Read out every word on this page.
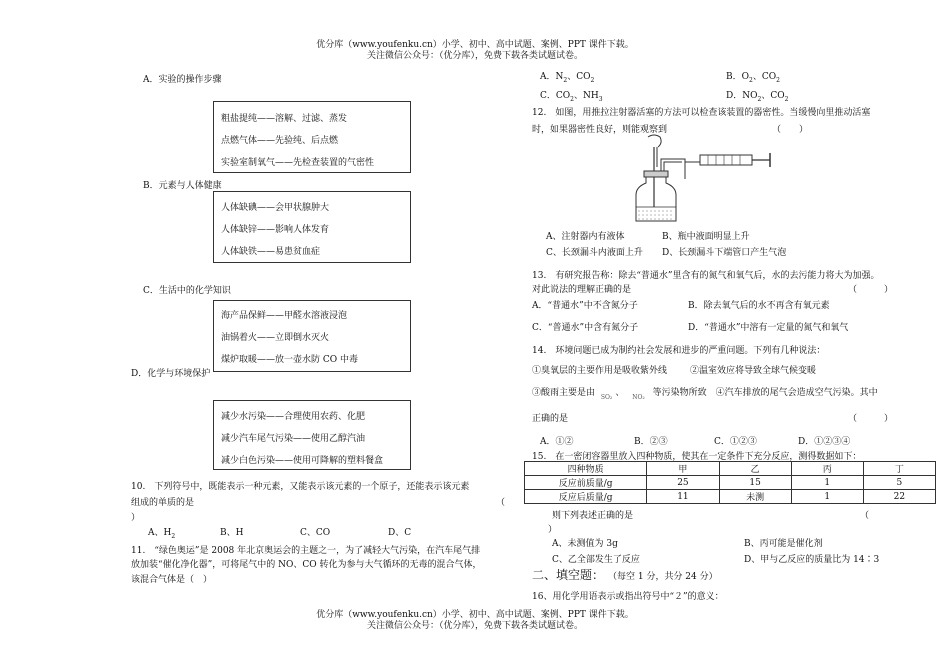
优分库（www.youfenku.cn）小学、初中、高中试题、案例、PPT 课件下载。
关注微信公众号：（优分库），免费下载各类试题试卷。
A．实验的操作步骤
粗盐提纯——溶解、过滤、蒸发
点燃气体——先验纯、后点燃
实验室制氧气——先检查装置的气密性
B．元素与人体健康
人体缺碘——会甲状腺肿大
人体缺锌——影响人体发育
人体缺铁——易患贫血症
C．生活中的化学知识
海产品保鲜——甲醛水溶液浸泡
油锅着火——立即倒水灭火
煤炉取暖——放一壶水防 CO 中毒
D．化学与环境保护
减少水污染——合理使用农药、化肥
减少汽车尾气污染——使用乙醇汽油
减少白色污染——使用可降解的塑料餐盒
10.　下列符号中，既能表示一种元素，又能表示该元素的一个原子，还能表示该元素
组成的单质的是	（
）
A、$H_2$	B、H	C、CO	D、C
11.　“绿色奥运”是 2008 年北京奥运会的主题之一，为了减轻大气污染，在汽车尾气排
放加装“催化净化器”，可将尾气中的 NO、CO 转化为参与大气循环的无毒的混合气体，
该混合气体是（　）
A．$N_2$、$CO_2$	B．$O_2$、$CO_2$
C．$CO_2$、$NH_3$	D．$NO_2$、$CO_2$
12.　如图，用推拉注射器活塞的方法可以检查该装置的器密性。当缓慢向里推动活塞
时，如果器密性良好，则能观察到	（　　）
A、注射器内有液体	B、瓶中液面明显上升
C、长颈漏斗内液面上升 D、长颈漏斗下端管口产生气泡
13.　有研究报告称：除去“普通水”里含有的氮气和氧气后，水的去污能力将大为加强。
对此说法的理解正确的是	（　　　）
A．“普通水”中不含氮分子	B．除去氧气后的水不再含有氧元素
C．“普通水”中含有氮分子	D．“普通水”中溶有一定量的氮气和氧气
14.　环境问题已成为制约社会发展和进步的严重问题。下列有几种说法：
①臭氧层的主要作用是吸收紫外线	②温室效应将导致全球气候变暖
③酸雨主要是由 $_{SO_2}$ 、 $_{NO_2}$ 等污染物所致　④汽车排放的尾气会造成空气污染。其中
正确的是	（　　　）
A．①②	B．②③	C．①②③	D．①②③④
15.　在一密闭容器里放入四种物质，使其在一定条件下充分反应，测得数据如下：
四种物质	甲	乙	丙	丁
反应前质量/g	25	15	1	5
反应后质量/g	11	未测	1	22
则下列表述正确的是	（
）
A、未测值为 3g	B、丙可能是催化剂
C、乙全部发生了反应	D、甲与乙反应的质量比为 14∶3
二、填空题： （每空 1 分，共分 24 分）
16、用化学用语表示或指出符号中“２”的意义：
优分库（www.youfenku.cn）小学、初中、高中试题、案例、PPT 课件下载。
关注微信公众号：（优分库），免费下载各类试题试卷。
